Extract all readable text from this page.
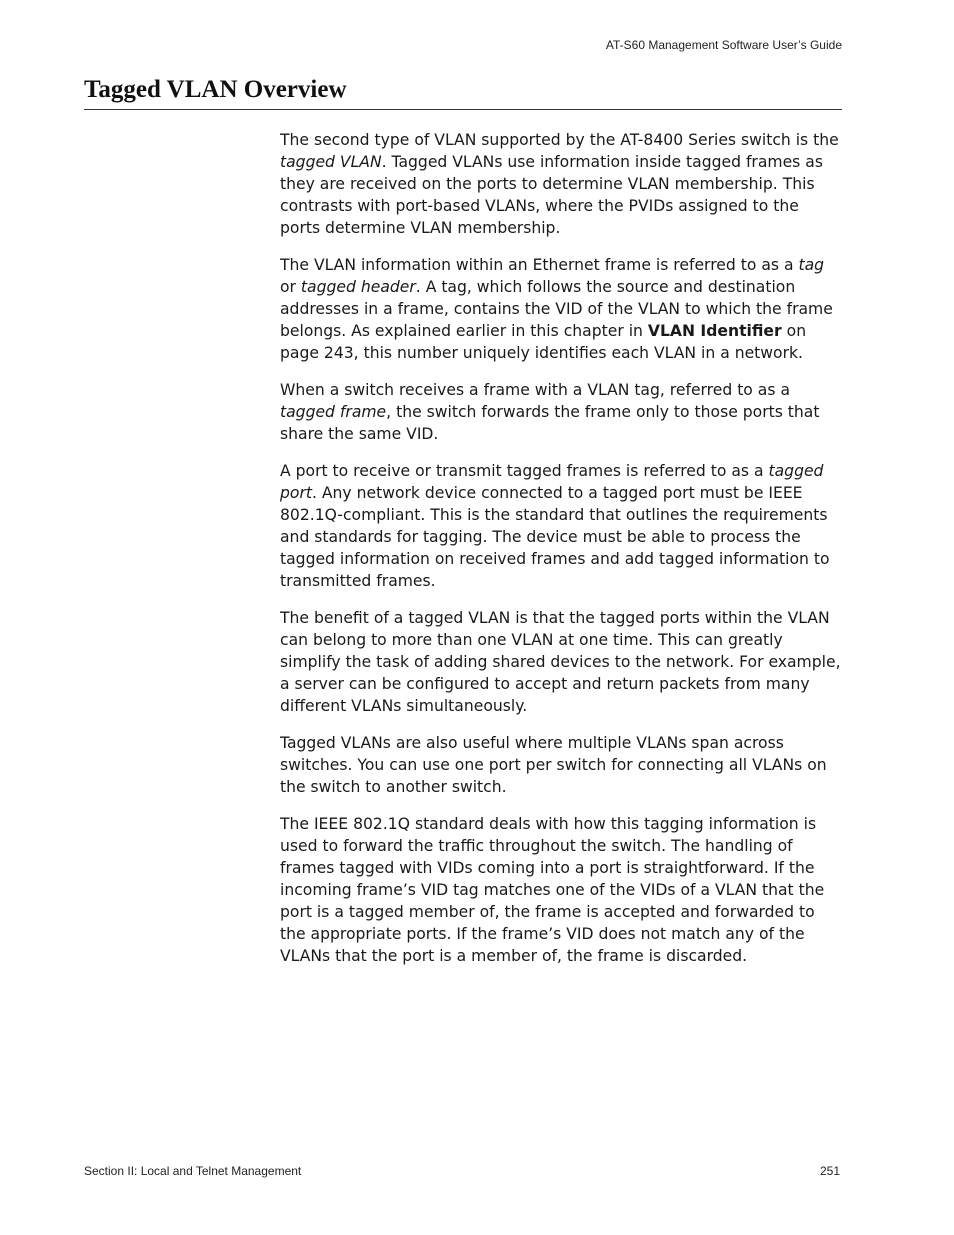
AT-S60 Management Software User’s Guide
Tagged VLAN Overview

The second type of VLAN supported by the AT-8400 Series switch is the tagged VLAN. Tagged VLANs use information inside tagged frames as they are received on the ports to determine VLAN membership. This contrasts with port-based VLANs, where the PVIDs assigned to the ports determine VLAN membership.

The VLAN information within an Ethernet frame is referred to as a tag or tagged header. A tag, which follows the source and destination addresses in a frame, contains the VID of the VLAN to which the frame belongs. As explained earlier in this chapter in VLAN Identifier on page 243, this number uniquely identifies each VLAN in a network.

When a switch receives a frame with a VLAN tag, referred to as a tagged frame, the switch forwards the frame only to those ports that share the same VID.

A port to receive or transmit tagged frames is referred to as a tagged port. Any network device connected to a tagged port must be IEEE 802.1Q-compliant. This is the standard that outlines the requirements and standards for tagging. The device must be able to process the tagged information on received frames and add tagged information to transmitted frames.

The benefit of a tagged VLAN is that the tagged ports within the VLAN can belong to more than one VLAN at one time. This can greatly simplify the task of adding shared devices to the network. For example, a server can be configured to accept and return packets from many different VLANs simultaneously.

Tagged VLANs are also useful where multiple VLANs span across switches. You can use one port per switch for connecting all VLANs on the switch to another switch.

The IEEE 802.1Q standard deals with how this tagging information is used to forward the traffic throughout the switch. The handling of frames tagged with VIDs coming into a port is straightforward. If the incoming frame’s VID tag matches one of the VIDs of a VLAN that the port is a tagged member of, the frame is accepted and forwarded to the appropriate ports. If the frame’s VID does not match any of the VLANs that the port is a member of, the frame is discarded.

Section II: Local and Telnet Management	251
